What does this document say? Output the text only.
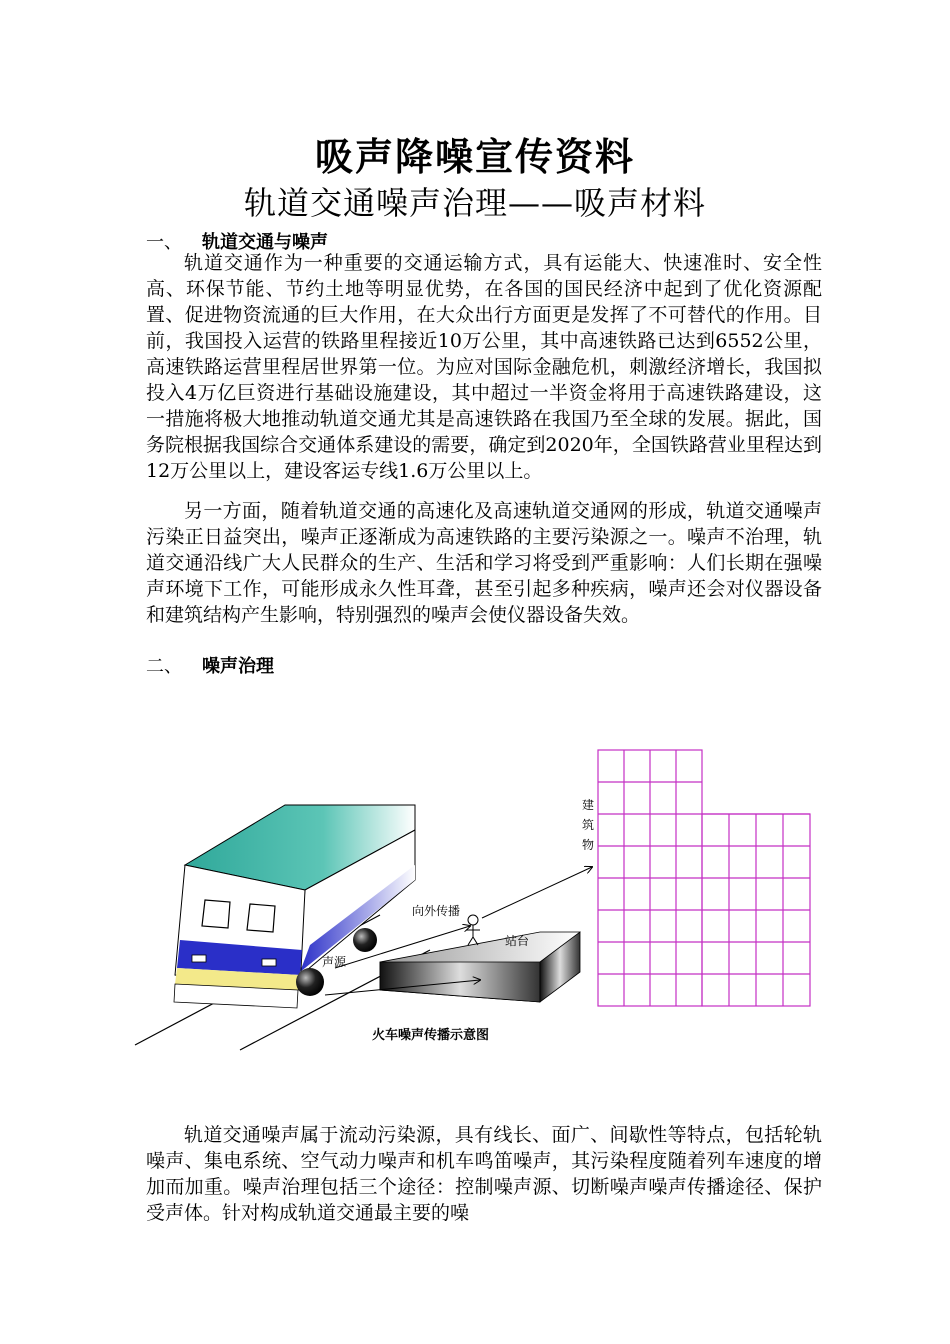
吸声降噪宣传资料
轨道交通噪声治理——吸声材料
一、 轨道交通与噪声

轨道交通作为一种重要的交通运输方式，具有运能大、快速准时、安全性高、环保节能、节约土地等明显优势，在各国的国民经济中起到了优化资源配置、促进物资流通的巨大作用，在大众出行方面更是发挥了不可替代的作用。目前，我国投入运营的铁路里程接近10万公里，其中高速铁路已达到6552公里，高速铁路运营里程居世界第一位。为应对国际金融危机，刺激经济增长，我国拟投入4万亿巨资进行基础设施建设，其中超过一半资金将用于高速铁路建设，这一措施将极大地推动轨道交通尤其是高速铁路在我国乃至全球的发展。据此，国务院根据我国综合交通体系建设的需要，确定到2020年，全国铁路营业里程达到12万公里以上，建设客运专线1.6万公里以上。

另一方面，随着轨道交通的高速化及高速轨道交通网的形成，轨道交通噪声污染正日益突出，噪声正逐渐成为高速铁路的主要污染源之一。噪声不治理，轨道交通沿线广大人民群众的生产、生活和学习将受到严重影响：人们长期在强噪声环境下工作，可能形成永久性耳聋，甚至引起多种疾病，噪声还会对仪器设备和建筑结构产生影响，特别强烈的噪声会使仪器设备失效。

二、 噪声治理
建筑物
向外传播
站台
声源
火车噪声传播示意图

轨道交通噪声属于流动污染源，具有线长、面广、间歇性等特点，包括轮轨噪声、集电系统、空气动力噪声和机车鸣笛噪声，其污染程度随着列车速度的增加而加重。噪声治理包括三个途径：控制噪声源、切断噪声噪声传播途径、保护受声体。针对构成轨道交通最主要的噪
